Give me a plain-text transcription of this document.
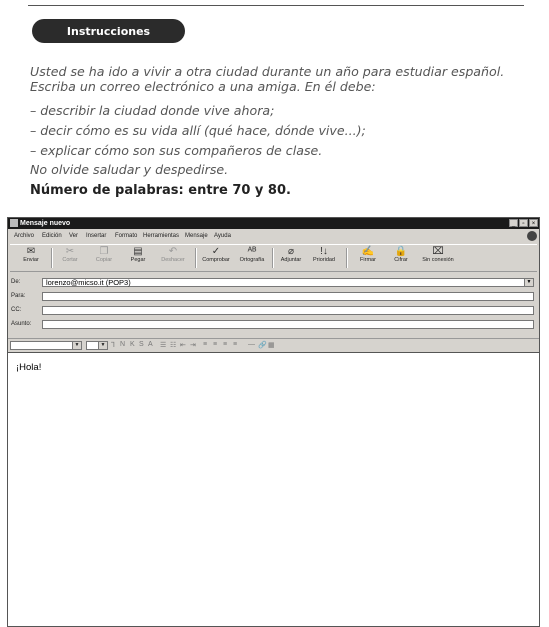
Instrucciones
Usted se ha ido a vivir a otra ciudad durante un año para estudiar español. Escriba un correo electrónico a una amiga. En él debe:
– describir la ciudad donde vive ahora;
– decir cómo es su vida allí (qué hace, dónde vive...);
– explicar cómo son sus compañeros de clase.
No olvide saludar y despedirse.
Número de palabras: entre 70 y 80.
Mensaje nuevo	_	▫	×
Archivo Edición Ver Insertar Formato Herramientas Mensaje Ayuda
✉
Enviar
✂
Cortar
❐
Copiar
▤
Pegar
↶
Deshacer
✓
Comprobar
ᴬᴮ
Ortografía
⌀
Adjuntar
!↓
Prioridad
✍
Firmar
🔒
Cifrar
⌧
Sin conexión
De:	lorenzo@micso.it (POP3)	▼
Para:
CC:
Asunto:
▼	▼ Ꞁ N K S A ☰ ☷ ⇤ ⇥ ≡ ≡ ≡ ≡ — 🔗 ▦
¡Hola!
